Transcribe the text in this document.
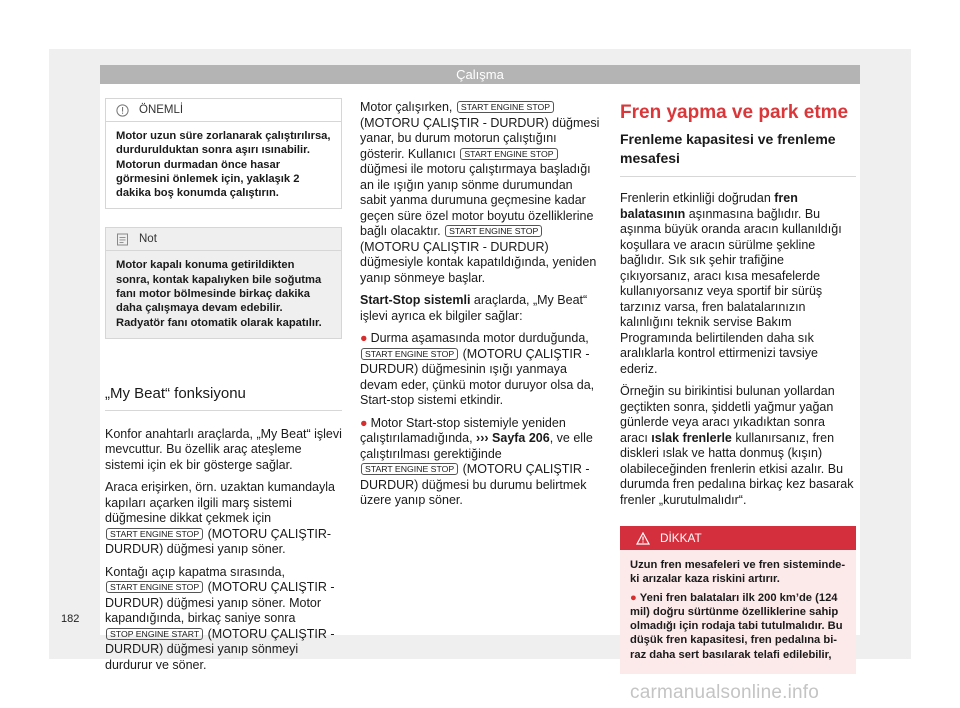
Çalışma
ÖNEMLİ
Motor uzun süre zorlanarak çalıştırılırsa, durdurulduktan sonra aşırı ısınabilir. Motorun durmadan önce hasar görmesini önlemek için, yaklaşık 2 dakika boş konumda çalıştırın.
Not
Motor kapalı konuma getirildikten sonra, kontak kapalıyken bile soğutma fanı motor bölmesinde birkaç dakika daha çalışmaya devam edebilir. Radyatör fanı otomatik olarak kapatılır.
„My Beat“ fonksiyonu

Konfor anahtarlı araçlarda, „My Beat“ işlevi mevcuttur. Bu özellik araç ateşleme sistemi için ek bir gösterge sağlar.

Araca erişirken, örn. uzaktan kumandayla kapıları açarken ilgili marş sistemi düğmesine dikkat çekmek için START ENGINE STOP (MOTORU ÇALIŞTIR-DURDUR) düğmesi yanıp söner.

Kontağı açıp kapatma sırasında, START ENGINE STOP (MOTORU ÇALIŞTIR - DURDUR) düğmesi yanıp söner. Motor kapandığında, birkaç saniye sonra STOP ENGINE START (MOTORU ÇALIŞTIR - DURDUR) düğmesi yanıp sönmeyi durdurur ve söner.

Motor çalışırken, START ENGINE STOP (MOTORU ÇALIŞTIR - DURDUR) düğmesi yanar, bu durum motorun çalıştığını gösterir. Kullanıcı START ENGINE STOP düğmesi ile motoru çalıştırmaya başladığı an ile ışığın yanıp sönme durumundan sabit yanma durumuna geçmesine kadar geçen süre özel motor boyutu özelliklerine bağlı olacaktır. START ENGINE STOP (MOTORU ÇALIŞTIR - DURDUR) düğmesiyle kontak kapatıldığında, yeniden yanıp sönmeye başlar.

Start-Stop sistemli araçlarda, „My Beat“ işlevi ayrıca ek bilgiler sağlar:

● Durma aşamasında motor durduğunda, START ENGINE STOP (MOTORU ÇALIŞTIR - DURDUR) düğmesinin ışığı yanmaya devam eder, çünkü motor duruyor olsa da, Start-stop sistemi etkindir.

● Motor Start-stop sistemiyle yeniden çalıştırılamadığında, ››› Sayfa 206, ve elle çalıştırılması gerektiğinde START ENGINE STOP (MOTORU ÇALIŞTIR - DURDUR) düğmesi bu durumu belirtmek üzere yanıp söner.

Fren yapma ve park etme
Frenleme kapasitesi ve frenleme mesafesi

Frenlerin etkinliği doğrudan fren balatasının aşınmasına bağlıdır. Bu aşınma büyük oranda aracın kullanıldığı koşullara ve aracın sürülme şekline bağlıdır. Sık sık şehir trafiğine çıkıyorsanız, aracı kısa mesafelerde kullanıyorsanız veya sportif bir sürüş tarzınız varsa, fren balatalarınızın kalınlığını teknik servise Bakım Programında belirtilenden daha sık aralıklarla kontrol ettirmenizi tavsiye ederiz.

Örneğin su birikintisi bulunan yollardan geçtikten sonra, şiddetli yağmur yağan günlerde veya aracı yıkadıktan sonra aracı ıslak frenlerle kullanırsanız, fren diskleri ıslak ve hatta donmuş (kışın) olabileceğinden frenlerin etkisi azalır. Bu durumda fren pedalına birkaç kez basarak frenler „kurutulmalıdır“.

DİKKAT

Uzun fren mesafeleri ve fren sisteminde-ki arızalar kaza riskini artırır.

● Yeni fren balataları ilk 200 km’de (124 mil) doğru sürtünme özelliklerine sahip olmadığı için rodaja tabi tutulmalıdır. Bu düşük fren kapasitesi, fren pedalına bi-raz daha sert basılarak telafi edilebilir,

182
carmanualsonline.info
